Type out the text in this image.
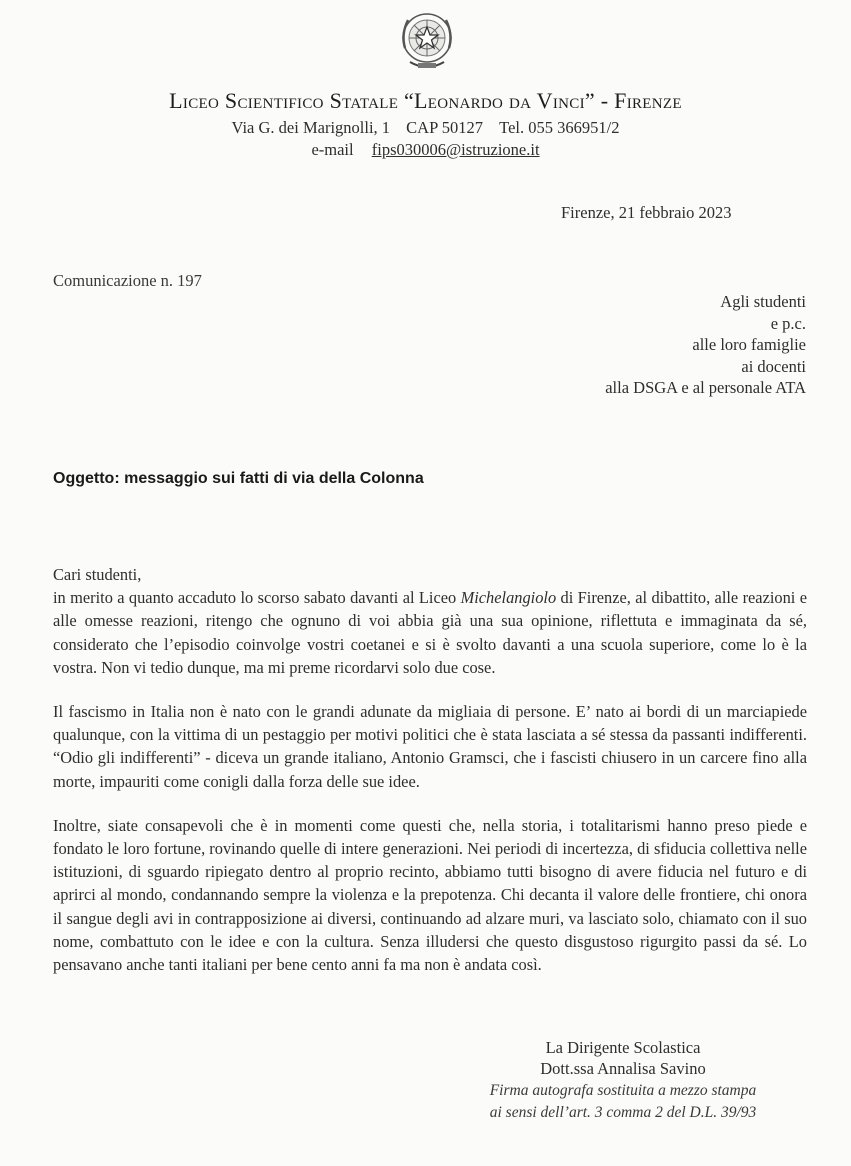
Liceo Scientifico Statale “Leonardo da Vinci” - Firenze
Via G. dei Marignolli, 1 CAP 50127 Tel. 055 366951/2
e-mail fips030006@istruzione.it
Firenze, 21 febbraio 2023
Comunicazione n. 197
Agli studenti
e p.c.
alle loro famiglie
ai docenti
alla DSGA e al personale ATA
Oggetto: messaggio sui fatti di via della Colonna

Cari studenti,

in merito a quanto accaduto lo scorso sabato davanti al Liceo Michelangiolo di Firenze, al dibattito, alle reazioni e alle omesse reazioni, ritengo che ognuno di voi abbia già una sua opinione, riflettuta e immaginata da sé, considerato che l’episodio coinvolge vostri coetanei e si è svolto davanti a una scuola superiore, come lo è la vostra. Non vi tedio dunque, ma mi preme ricordarvi solo due cose.

Il fascismo in Italia non è nato con le grandi adunate da migliaia di persone. E’ nato ai bordi di un marciapiede qualunque, con la vittima di un pestaggio per motivi politici che è stata lasciata a sé stessa da passanti indifferenti. “Odio gli indifferenti” - diceva un grande italiano, Antonio Gramsci, che i fascisti chiusero in un carcere fino alla morte, impauriti come conigli dalla forza delle sue idee.

Inoltre, siate consapevoli che è in momenti come questi che, nella storia, i totalitarismi hanno preso piede e fondato le loro fortune, rovinando quelle di intere generazioni. Nei periodi di incertezza, di sfiducia collettiva nelle istituzioni, di sguardo ripiegato dentro al proprio recinto, abbiamo tutti bisogno di avere fiducia nel futuro e di aprirci al mondo, condannando sempre la violenza e la prepotenza. Chi decanta il valore delle frontiere, chi onora il sangue degli avi in contrapposizione ai diversi, continuando ad alzare muri, va lasciato solo, chiamato con il suo nome, combattuto con le idee e con la cultura. Senza illudersi che questo disgustoso rigurgito passi da sé. Lo pensavano anche tanti italiani per bene cento anni fa ma non è andata così.

La Dirigente Scolastica
Dott.ssa Annalisa Savino
Firma autografa sostituita a mezzo stampa
ai sensi dell’art. 3 comma 2 del D.L. 39/93
